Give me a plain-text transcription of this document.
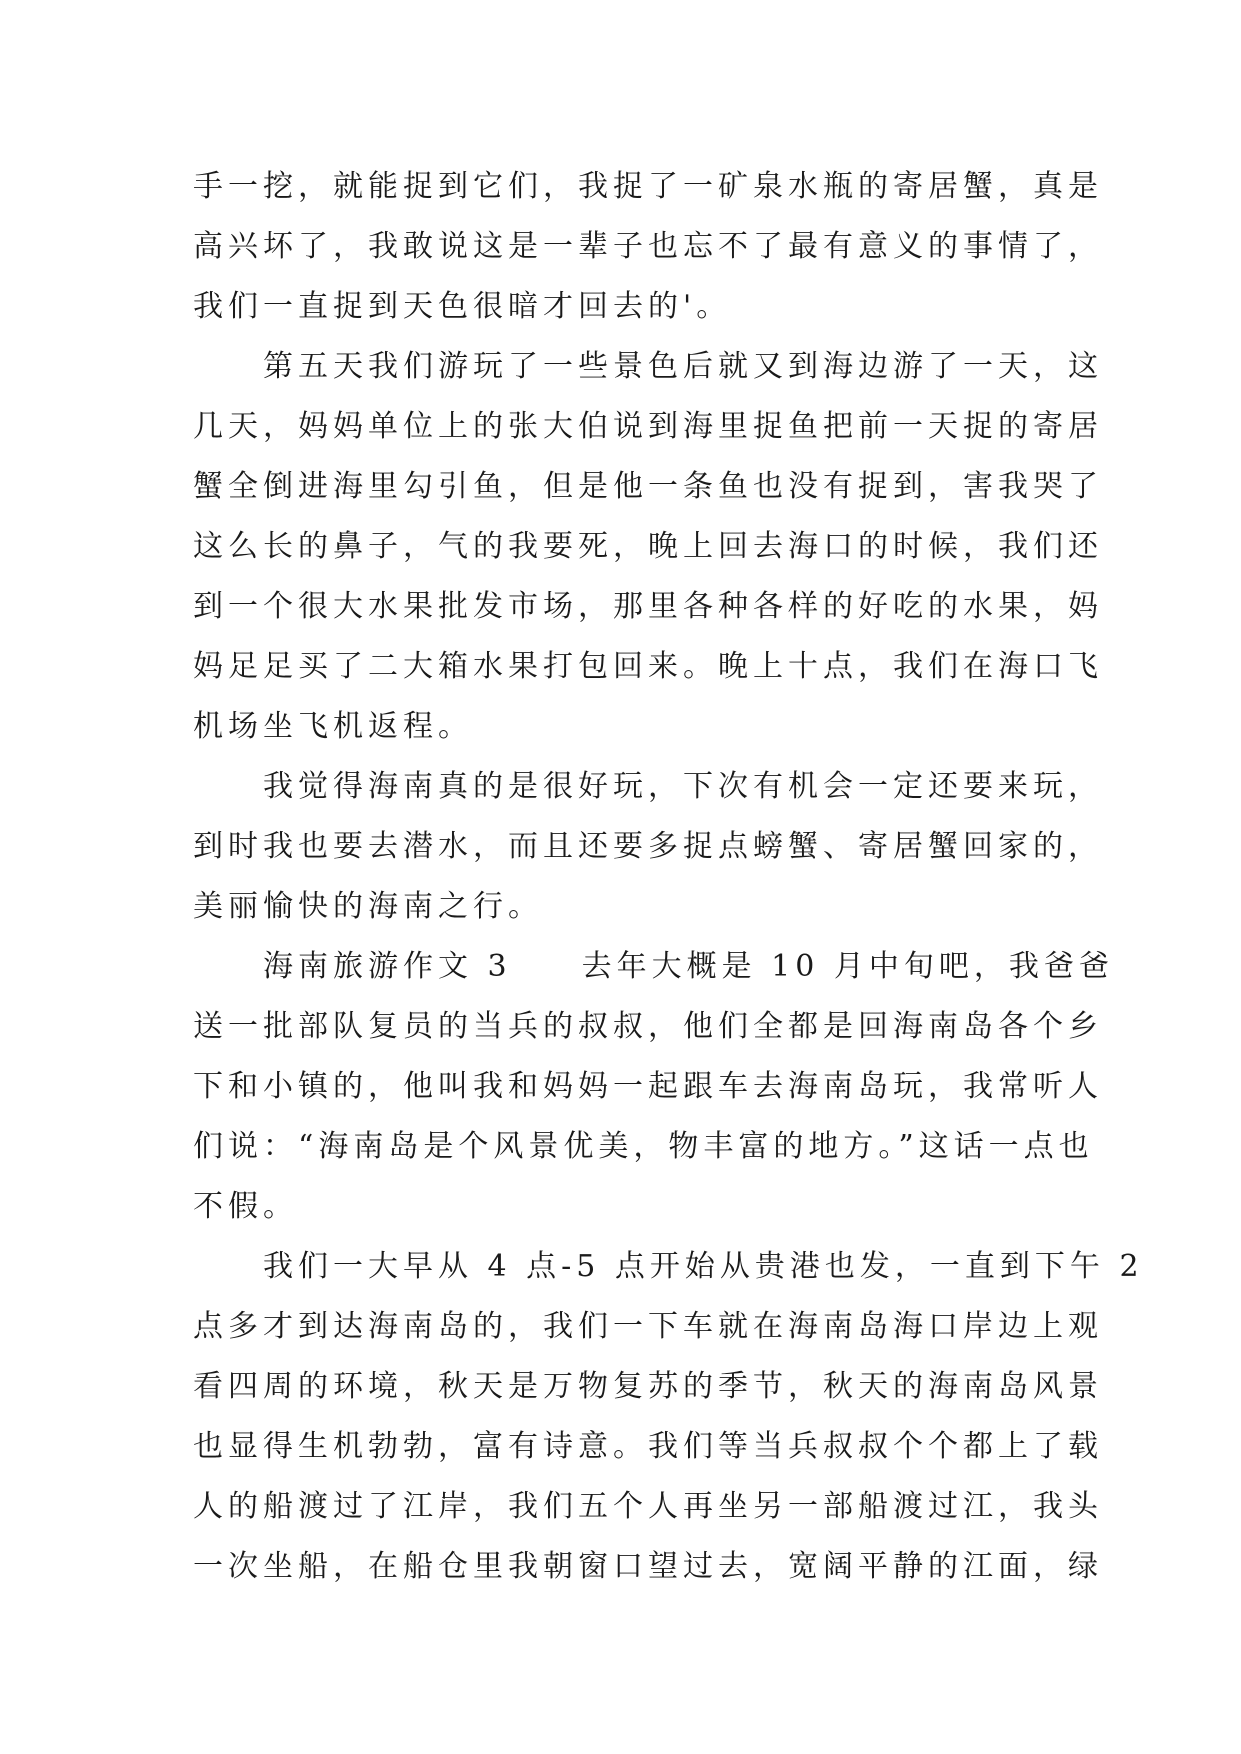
手一挖，就能捉到它们，我捉了一矿泉水瓶的寄居蟹，真是
高兴坏了，我敢说这是一辈子也忘不了最有意义的事情了，
我们一直捉到天色很暗才回去的'。
　　第五天我们游玩了一些景色后就又到海边游了一天，这
几天，妈妈单位上的张大伯说到海里捉鱼把前一天捉的寄居
蟹全倒进海里勾引鱼，但是他一条鱼也没有捉到，害我哭了
这么长的鼻子，气的我要死，晚上回去海口的时候，我们还
到一个很大水果批发市场，那里各种各样的好吃的水果，妈
妈足足买了二大箱水果打包回来。晚上十点，我们在海口飞
机场坐飞机返程。
　　我觉得海南真的是很好玩，下次有机会一定还要来玩，
到时我也要去潜水，而且还要多捉点螃蟹、寄居蟹回家的，
美丽愉快的海南之行。
　　海南旅游作文 3　　去年大概是 10 月中旬吧，我爸爸
送一批部队复员的当兵的叔叔，他们全都是回海南岛各个乡
下和小镇的，他叫我和妈妈一起跟车去海南岛玩，我常听人
们说：“海南岛是个风景优美，物丰富的地方。”这话一点也
不假。
　　我们一大早从 4 点-5 点开始从贵港也发，一直到下午 2
点多才到达海南岛的，我们一下车就在海南岛海口岸边上观
看四周的环境，秋天是万物复苏的季节，秋天的海南岛风景
也显得生机勃勃，富有诗意。我们等当兵叔叔个个都上了载
人的船渡过了江岸，我们五个人再坐另一部船渡过江，我头
一次坐船，在船仓里我朝窗口望过去，宽阔平静的江面，绿
